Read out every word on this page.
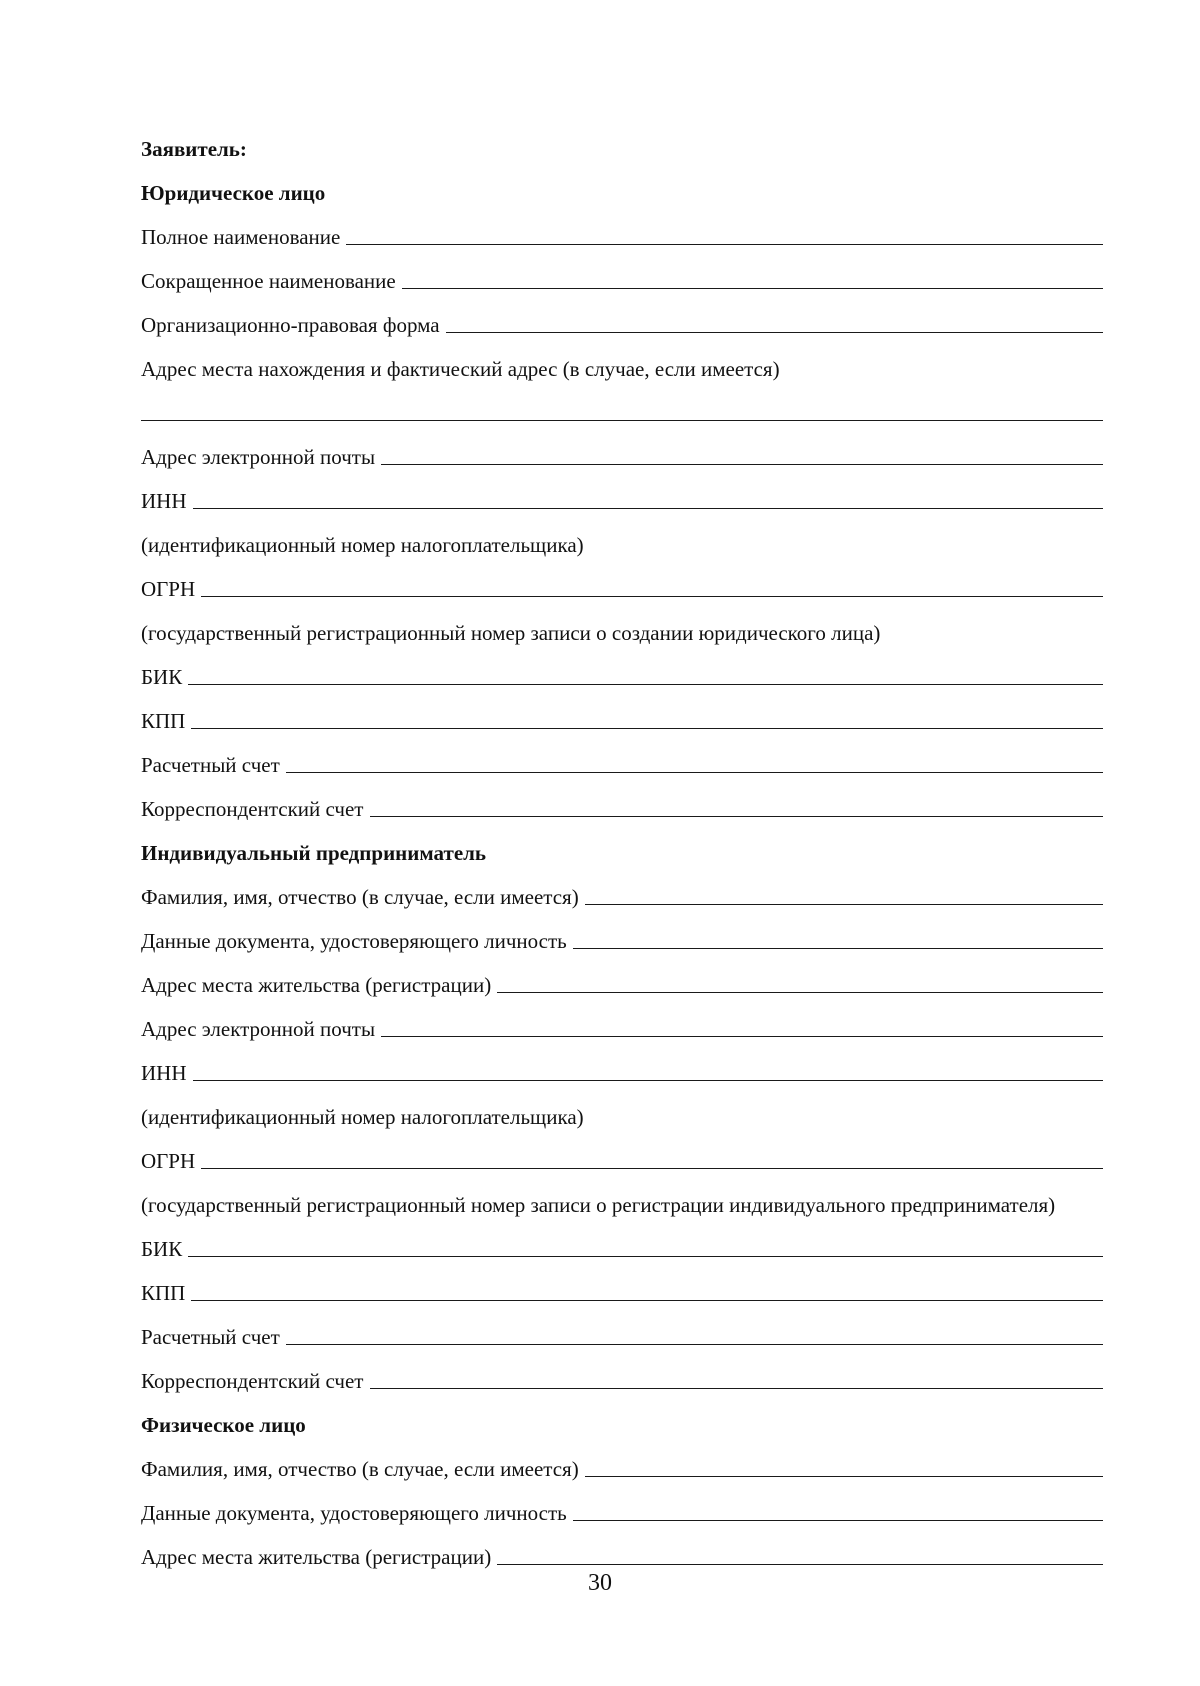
Заявитель:
Юридическое лицо
Полное наименование
Сокращенное наименование
Организационно-правовая форма
Адрес места нахождения и фактический адрес (в случае, если имеется)
Адрес электронной почты
ИНН
(идентификационный номер налогоплательщика)
ОГРН
(государственный регистрационный номер записи о создании юридического лица)
БИК
КПП
Расчетный счет
Корреспондентский счет
Индивидуальный предприниматель
Фамилия, имя, отчество (в случае, если имеется)
Данные документа, удостоверяющего личность
Адрес места жительства (регистрации)
Адрес электронной почты
ИНН
(идентификационный номер налогоплательщика)
ОГРН
(государственный регистрационный номер записи о регистрации индивидуального предпринимателя)
БИК
КПП
Расчетный счет
Корреспондентский счет
Физическое лицо
Фамилия, имя, отчество (в случае, если имеется)
Данные документа, удостоверяющего личность
Адрес места жительства (регистрации)
30
